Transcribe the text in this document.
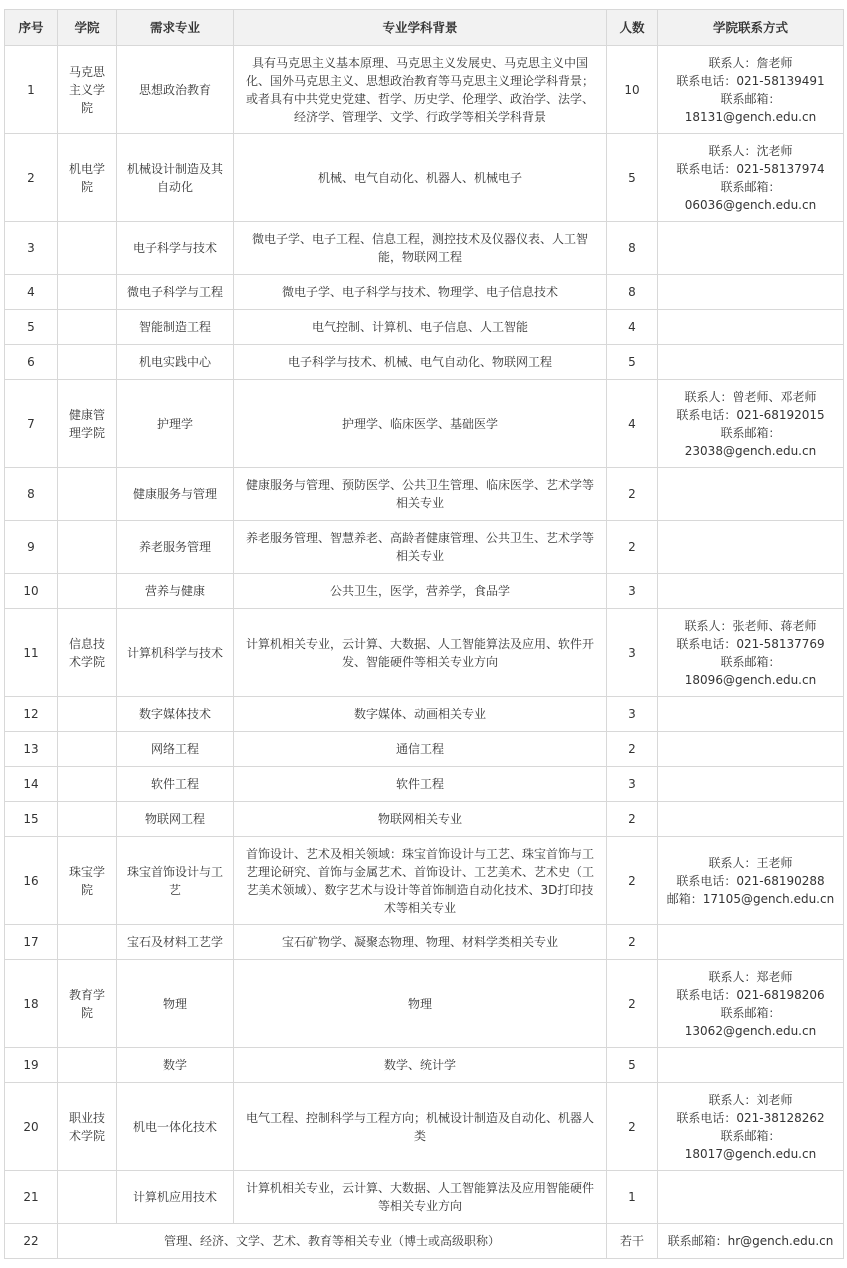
序号	学院	需求专业	专业学科背景	人数	学院联系方式
1	马克思主义学院	思想政治教育	具有马克思主义基本原理、马克思主义发展史、马克思主义中国化、国外马克思主义、思想政治教育等马克思主义理论学科背景；或者具有中共党史党建、哲学、历史学、伦理学、政治学、法学、经济学、管理学、文学、行政学等相关学科背景	10	联系人：詹老师
联系电话：021-58139491
联系邮箱：
18131@gench.edu.cn

2	机电学院	机械设计制造及其自动化	机械、电气自动化、机器人、机械电子	5	联系人：沈老师
联系电话：021-58137974
联系邮箱：
06036@gench.edu.cn

3		电子科学与技术	微电子学、电子工程、信息工程，测控技术及仪器仪表、人工智能，物联网工程	8	
4		微电子科学与工程	微电子学、电子科学与技术、物理学、电子信息技术	8	
5		智能制造工程	电气控制、计算机、电子信息、人工智能	4	
6		机电实践中心	电子科学与技术、机械、电气自动化、物联网工程	5	
7	健康管理学院	护理学	护理学、临床医学、基础医学	4	联系人：曾老师、邓老师
联系电话：021-68192015
联系邮箱：
23038@gench.edu.cn

8		健康服务与管理	健康服务与管理、预防医学、公共卫生管理、临床医学、艺术学等相关专业	2	
9		养老服务管理	养老服务管理、智慧养老、高龄者健康管理、公共卫生、艺术学等相关专业	2	
10		营养与健康	公共卫生，医学，营养学，食品学	3	
11	信息技术学院	计算机科学与技术	计算机相关专业，云计算、大数据、人工智能算法及应用、软件开发、智能硬件等相关专业方向	3	联系人：张老师、蒋老师
联系电话：021-58137769
联系邮箱：
18096@gench.edu.cn

12		数字媒体技术	数字媒体、动画相关专业	3	
13		网络工程	通信工程	2	
14		软件工程	软件工程	3	
15		物联网工程	物联网相关专业	2	
16	珠宝学院	珠宝首饰设计与工艺	首饰设计、艺术及相关领域：珠宝首饰设计与工艺、珠宝首饰与工艺理论研究、首饰与金属艺术、首饰设计、工艺美术、艺术史（工艺美术领域）、数字艺术与设计等首饰制造自动化技术、3D打印技术等相关专业	2	联系人：王老师
联系电话：021-68190288
邮箱：17105@gench.edu.cn

17		宝石及材料工艺学	宝石矿物学、凝聚态物理、物理、材料学类相关专业	2	
18	教育学院	物理	物理	2	联系人：郑老师
联系电话：021-68198206
联系邮箱：
13062@gench.edu.cn

19		数学	数学、统计学	5	
20	职业技术学院	机电一体化技术	电气工程、控制科学与工程方向；机械设计制造及自动化、机器人类	2	联系人：刘老师
联系电话：021-38128262
联系邮箱：
18017@gench.edu.cn

21		计算机应用技术	计算机相关专业，云计算、大数据、人工智能算法及应用智能硬件等相关专业方向	1	
22	管理、经济、文学、艺术、教育等相关专业（博士或高级职称）			若干	联系邮箱：hr@gench.edu.cn
